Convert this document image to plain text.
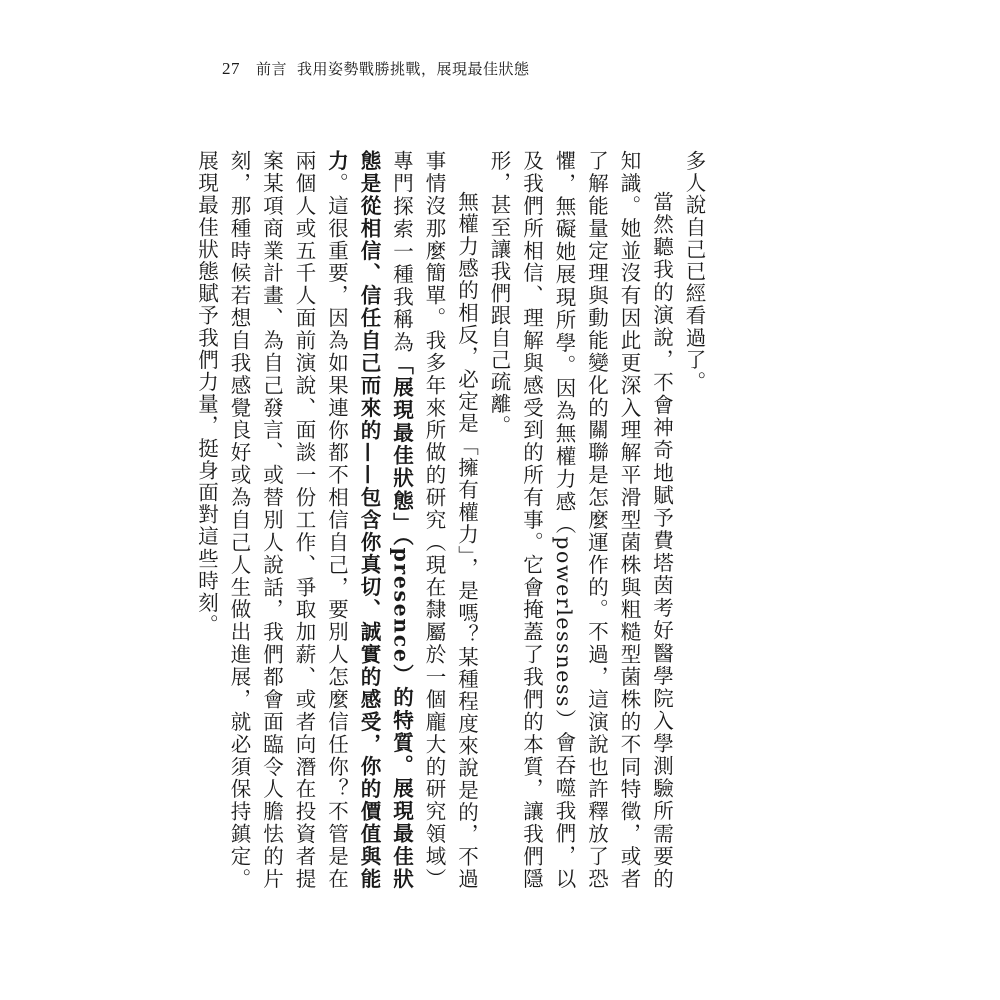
27 前言 我用姿勢戰勝挑戰，展現最佳狀態

多人說自己已經看過了。

當然聽我的演說，不會神奇地賦予費塔茵考好醫學院入學測驗所需要的知識。她並沒有因此更深入理解平滑型菌株與粗糙型菌株的不同特徵，或者了解能量定理與動能變化的關聯是怎麼運作的。不過，這演說也許釋放了恐懼，無礙她展現所學。因為無權力感（powerlessness）會吞噬我們，以及我們所相信、理解與感受到的所有事。它會掩蓋了我們的本質，讓我們隱形，甚至讓我們跟自己疏離。

無權力感的相反，必定是「擁有權力」，是嗎？某種程度來說是的，不過事情沒那麼簡單。我多年來所做的研究（現在隸屬於一個龐大的研究領域）專門探索一種我稱為「展現最佳狀態」（presence）的特質。展現最佳狀態是從相信、信任自己而來的——包含你真切、誠實的感受，你的價值與能力。這很重要，因為如果連你都不相信自己，要別人怎麼信任你？不管是在兩個人或五千人面前演說、面談一份工作、爭取加薪、或者向潛在投資者提案某項商業計畫、為自己發言、或替別人說話，我們都會面臨令人膽怯的片刻，那種時候若想自我感覺良好或為自己人生做出進展，就必須保持鎮定。展現最佳狀態賦予我們力量，挺身面對這些時刻。
